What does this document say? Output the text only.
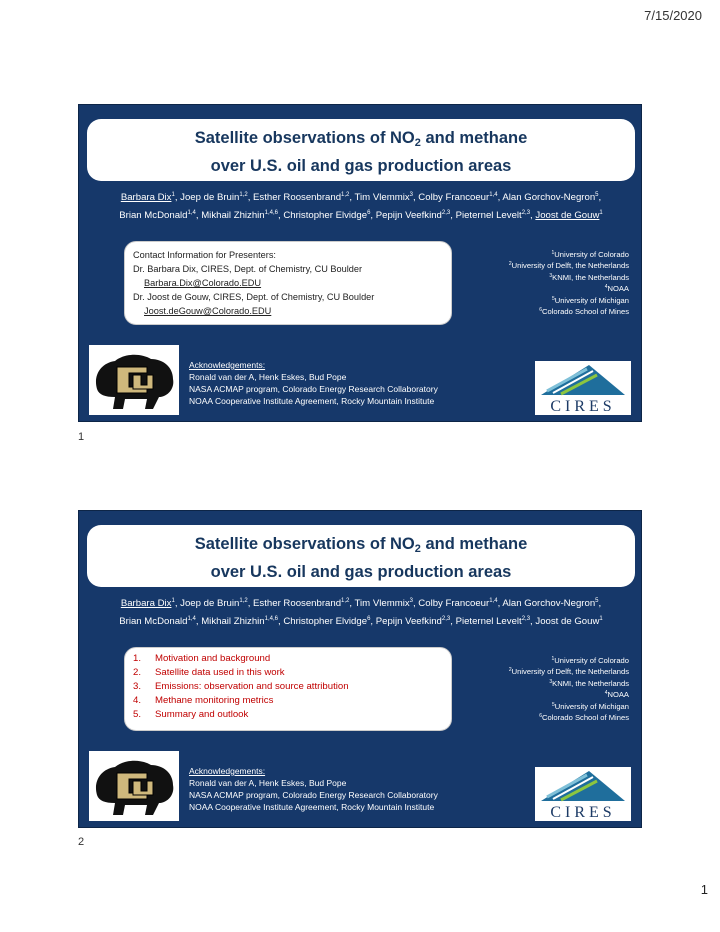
7/15/2020
Satellite observations of $NO_2$ and methane
over U.S. oil and gas production areas
Barbara Dix$^1$, Joep de Bruin$^{1,2}$, Esther Roosenbrand$^{1,2}$, Tim Vlemmix$^3$, Colby Francoeur$^{1,4}$, Alan Gorchov-Negron$^5$,
Brian McDonald$^{1,4}$, Mikhail Zhizhin$^{1,4,6}$, Christopher Elvidge$^6$, Pepijn Veefkind$^{2,3}$, Pieternel Levelt$^{2,3}$, Joost de Gouw$^1$
Contact Information for Presenters:
Dr. Barbara Dix, CIRES, Dept. of Chemistry, CU Boulder
Barbara.Dix@Colorado.EDU
Dr. Joost de Gouw, CIRES, Dept. of Chemistry, CU Boulder
Joost.deGouw@Colorado.EDU
$^1$University of Colorado
$^2$University of Delft, the Netherlands
$^3$KNMI, the Netherlands
$^4$NOAA
$^5$University of Michigan
$^6$Colorado School of Mines
Acknowledgements:
Ronald van der A, Henk Eskes, Bud Pope
NASA ACMAP program, Colorado Energy Research Collaboratory
NOAA Cooperative Institute Agreement, Rocky Mountain Institute	CIRES
1
Satellite observations of $NO_2$ and methane
over U.S. oil and gas production areas
Barbara Dix$^1$, Joep de Bruin$^{1,2}$, Esther Roosenbrand$^{1,2}$, Tim Vlemmix$^3$, Colby Francoeur$^{1,4}$, Alan Gorchov-Negron$^5$,
Brian McDonald$^{1,4}$, Mikhail Zhizhin$^{1,4,6}$, Christopher Elvidge$^6$, Pepijn Veefkind$^{2,3}$, Pieternel Levelt$^{2,3}$, Joost de Gouw$^1$
1. Motivation and background
2. Satellite data used in this work
3. Emissions: observation and source attribution
4. Methane monitoring metrics
5. Summary and outlook
$^1$University of Colorado
$^2$University of Delft, the Netherlands
$^3$KNMI, the Netherlands
$^4$NOAA
$^5$University of Michigan
$^6$Colorado School of Mines
Acknowledgements:
Ronald van der A, Henk Eskes, Bud Pope
NASA ACMAP program, Colorado Energy Research Collaboratory
NOAA Cooperative Institute Agreement, Rocky Mountain Institute	CIRES
2
1
